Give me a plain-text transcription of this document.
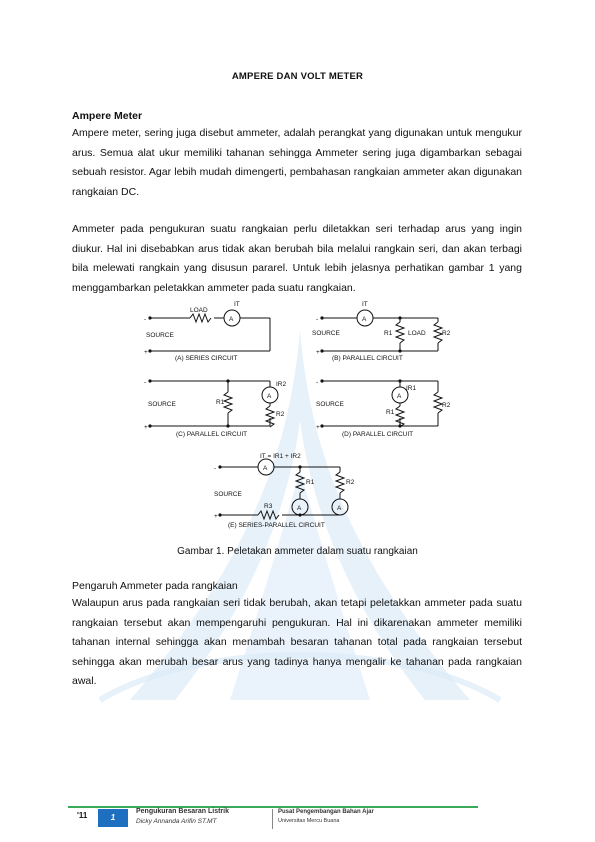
AMPERE DAN VOLT METER
Ampere Meter

Ampere meter, sering juga disebut ammeter, adalah perangkat yang digunakan untuk mengukur arus. Semua alat ukur memiliki tahanan sehingga Ammeter sering juga digambarkan sebagai sebuah resistor. Agar lebih mudah dimengerti, pembahasan rangkaian ammeter akan digunakan rangkaian DC.

Ammeter pada pengukuran suatu rangkaian perlu diletakkan seri terhadap arus yang ingin diukur. Hal ini disebabkan arus tidak akan berubah bila melalui rangkain seri, dan akan terbagi bila melewati rangkain yang disusun pararel. Untuk lebih jelasnya perhatikan gambar 1 yang menggambarkan peletakkan ammeter pada suatu rangkaian.

-
+
SOURCE
LOAD
A
IT
(A) SERIES CIRCUIT
-
+
SOURCE
A
IT
R1 LOAD	R2
(B) PARALLEL CIRCUIT
-
+
SOURCE	R1
A
IR2
R2
(C) PARALLEL CIRCUIT
-
+
SOURCE
A
IR1
R1
R2
(D) PARALLEL CIRCUIT
-
+
SOURCE
A
IT = IR1 + IR2
R1	R2
R3	A	A
(E) SERIES-PARALLEL CIRCUIT
Gambar 1. Peletakan ammeter dalam suatu rangkaian
Pengaruh Ammeter pada rangkaian

Walaupun arus pada rangkaian seri tidak berubah, akan tetapi peletakkan ammeter pada suatu rangkaian tersebut akan mempengaruhi pengukuran. Hal ini dikarenakan ammeter memiliki tahanan internal sehingga akan menambah besaran tahanan total pada rangkaian tersebut sehingga akan merubah besar arus yang tadinya hanya mengalir ke tahanan pada rangkaian awal.

'11	1
Pengukuran Besaran Listrik
Dicky Annanda Arifin ST.MT
Pusat Pengembangan Bahan Ajar
Universitas Mercu Buana
